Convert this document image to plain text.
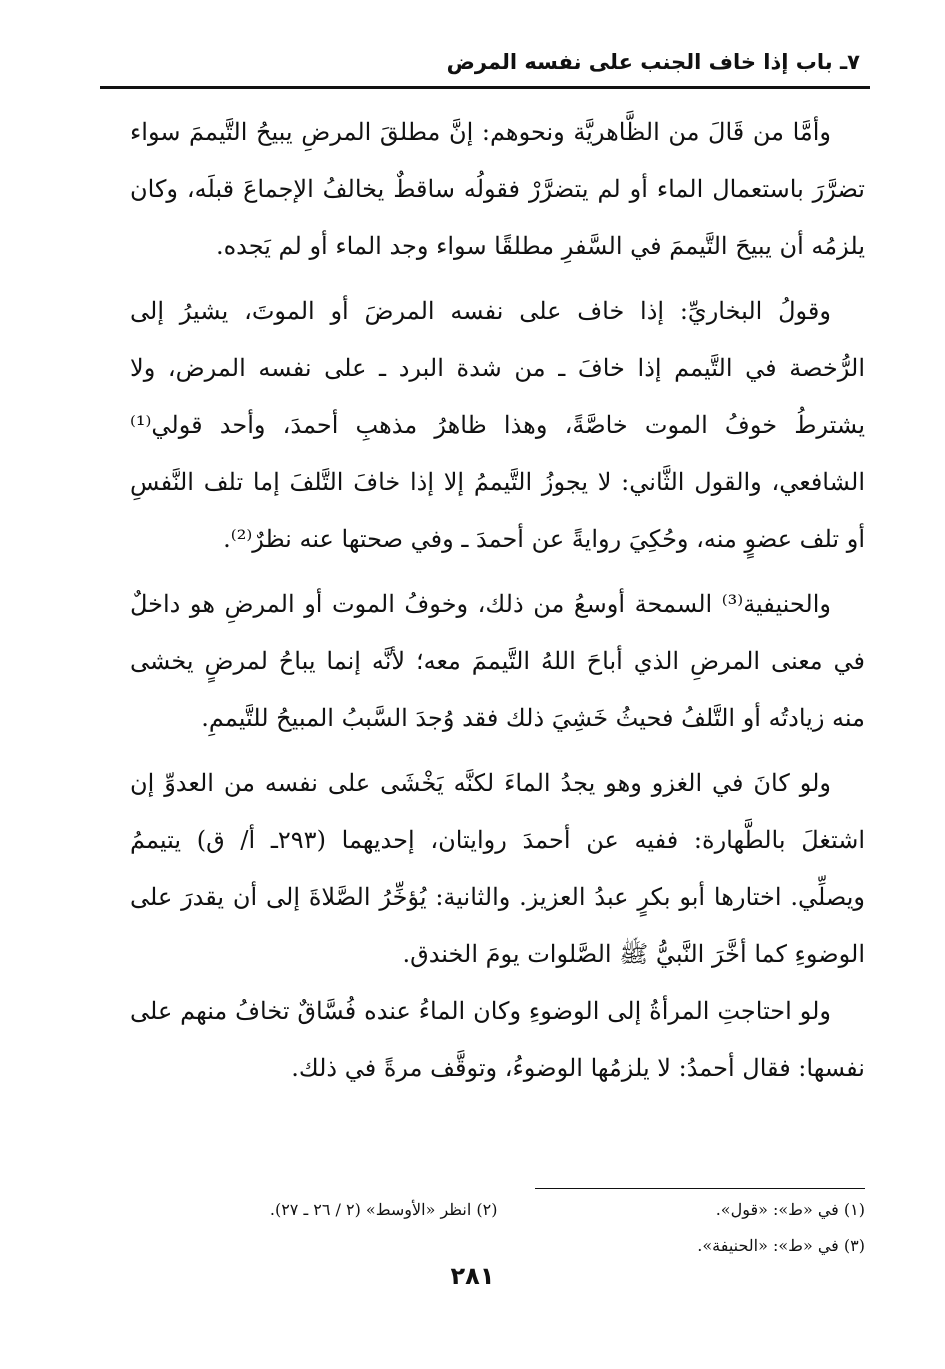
٧ـ باب إذا خاف الجنب على نفسه المرض

وأمَّا من قَالَ من الظَّاهريَّة ونحوهم: إنَّ مطلقَ المرضِ يبيحُ التَّيممَ سواء تضرَّرَ باستعمال الماء أو لم يتضرَّرْ فقولُه ساقطٌ يخالفُ الإجماعَ قبلَه، وكان يلزمُه أن يبيحَ التَّيممَ في السَّفرِ مطلقًا سواء وجد الماء أو لم يَجده.

وقولُ البخاريِّ: إذا خاف على نفسه المرضَ أو الموتَ، يشيرُ إلى الرُّخصة في التَّيمم إذا خافَ ـ من شدة البرد ـ على نفسه المرض، ولا يشترطُ خوفُ الموت خاصَّةً، وهذا ظاهرُ مذهبِ أحمدَ، وأحد قولي⁽¹⁾ الشافعي، والقول الثَّاني: لا يجوزُ التَّيممُ إلا إذا خافَ التَّلفَ إما تلف النَّفسِ أو تلف عضوٍ منه، وحُكِيَ روايةً عن أحمدَ ـ وفي صحتها عنه نظرٌ⁽²⁾.

والحنيفية⁽³⁾ السمحة أوسعُ من ذلك، وخوفُ الموت أو المرضِ هو داخلٌ في معنى المرضِ الذي أباحَ اللهُ التَّيممَ معه؛ لأنَّه إنما يباحُ لمرضٍ يخشى منه زيادتُه أو التَّلفُ فحيثُ خَشِيَ ذلك فقد وُجدَ السَّببُ المبيحُ للتَّيممِ.

ولو كانَ في الغزو وهو يجدُ الماءَ لكنَّه يَخْشَى على نفسه من العدوِّ إن اشتغلَ بالطَّهارة: ففيه عن أحمدَ روايتان، إحديهما (٢٩٣ـ أ/ ق) يتيممُ ويصلِّي. اختارها أبو بكرٍ عبدُ العزيز. والثانية: يُؤخِّرُ الصَّلاةَ إلى أن يقدرَ على الوضوءِ كما أخَّرَ النَّبيُّ ﷺ الصَّلوات يومَ الخندق.

ولو احتاجتِ المرأةُ إلى الوضوءِ وكان الماءُ عنده فُسَّاقٌ تخافُ منهم على نفسها: فقال أحمدُ: لا يلزمُها الوضوءُ، وتوقَّف مرةً في ذلك.

(١) في «ط»: «قول».
(٢) انظر «الأوسط» (٢ / ٢٦ ـ ٢٧).
(٣) في «ط»: «الحنيفة».
٢٨١
